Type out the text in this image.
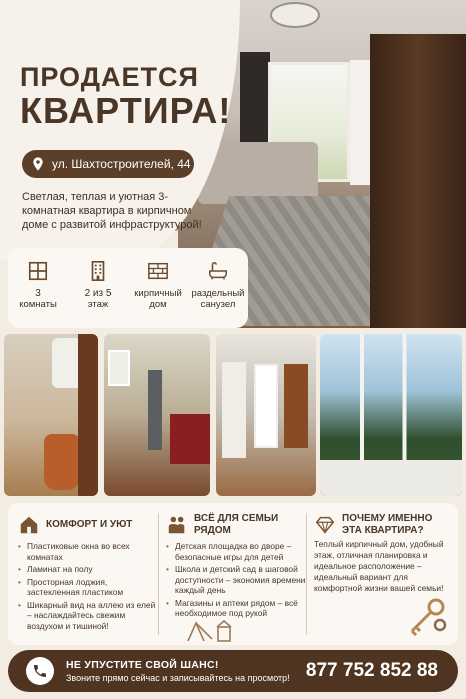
ПРОДАЕТСЯ
КВАРТИРА!
ул. Шахтостроителей, 44
Светлая, теплая и уютная 3-комнатная квартира в кирпичном доме с развитой инфраструктурой!
3
комнаты
2 из 5
этаж
кирпичный дом
раздельный санузел
КОМФОРТ И УЮТ
• Пластиковые окна во всех комнатах
• Ламинат на полу
• Просторная лоджия, застекленная пластиком
• Шикарный вид на аллею из елей – наслаждайтесь свежим воздухом и тишиной!
ВСЁ ДЛЯ СЕМЬИ РЯДОМ
• Детская площадка во дворе – безопасные игры для детей
• Школа и детский сад в шаговой доступности – экономия времени каждый день
• Магазины и аптеки рядом – всё необходимое под рукой
ПОЧЕМУ ИМЕННО ЭТА КВАРТИРА?

Теплый кирпичный дом, удобный этаж, отличная планировка и идеальное расположение – идеальный вариант для комфортной жизни вашей семьи!

НЕ УПУСТИТЕ СВОЙ ШАНС!
Звоните прямо сейчас и записывайтесь на просмотр! 877 752 852 88
